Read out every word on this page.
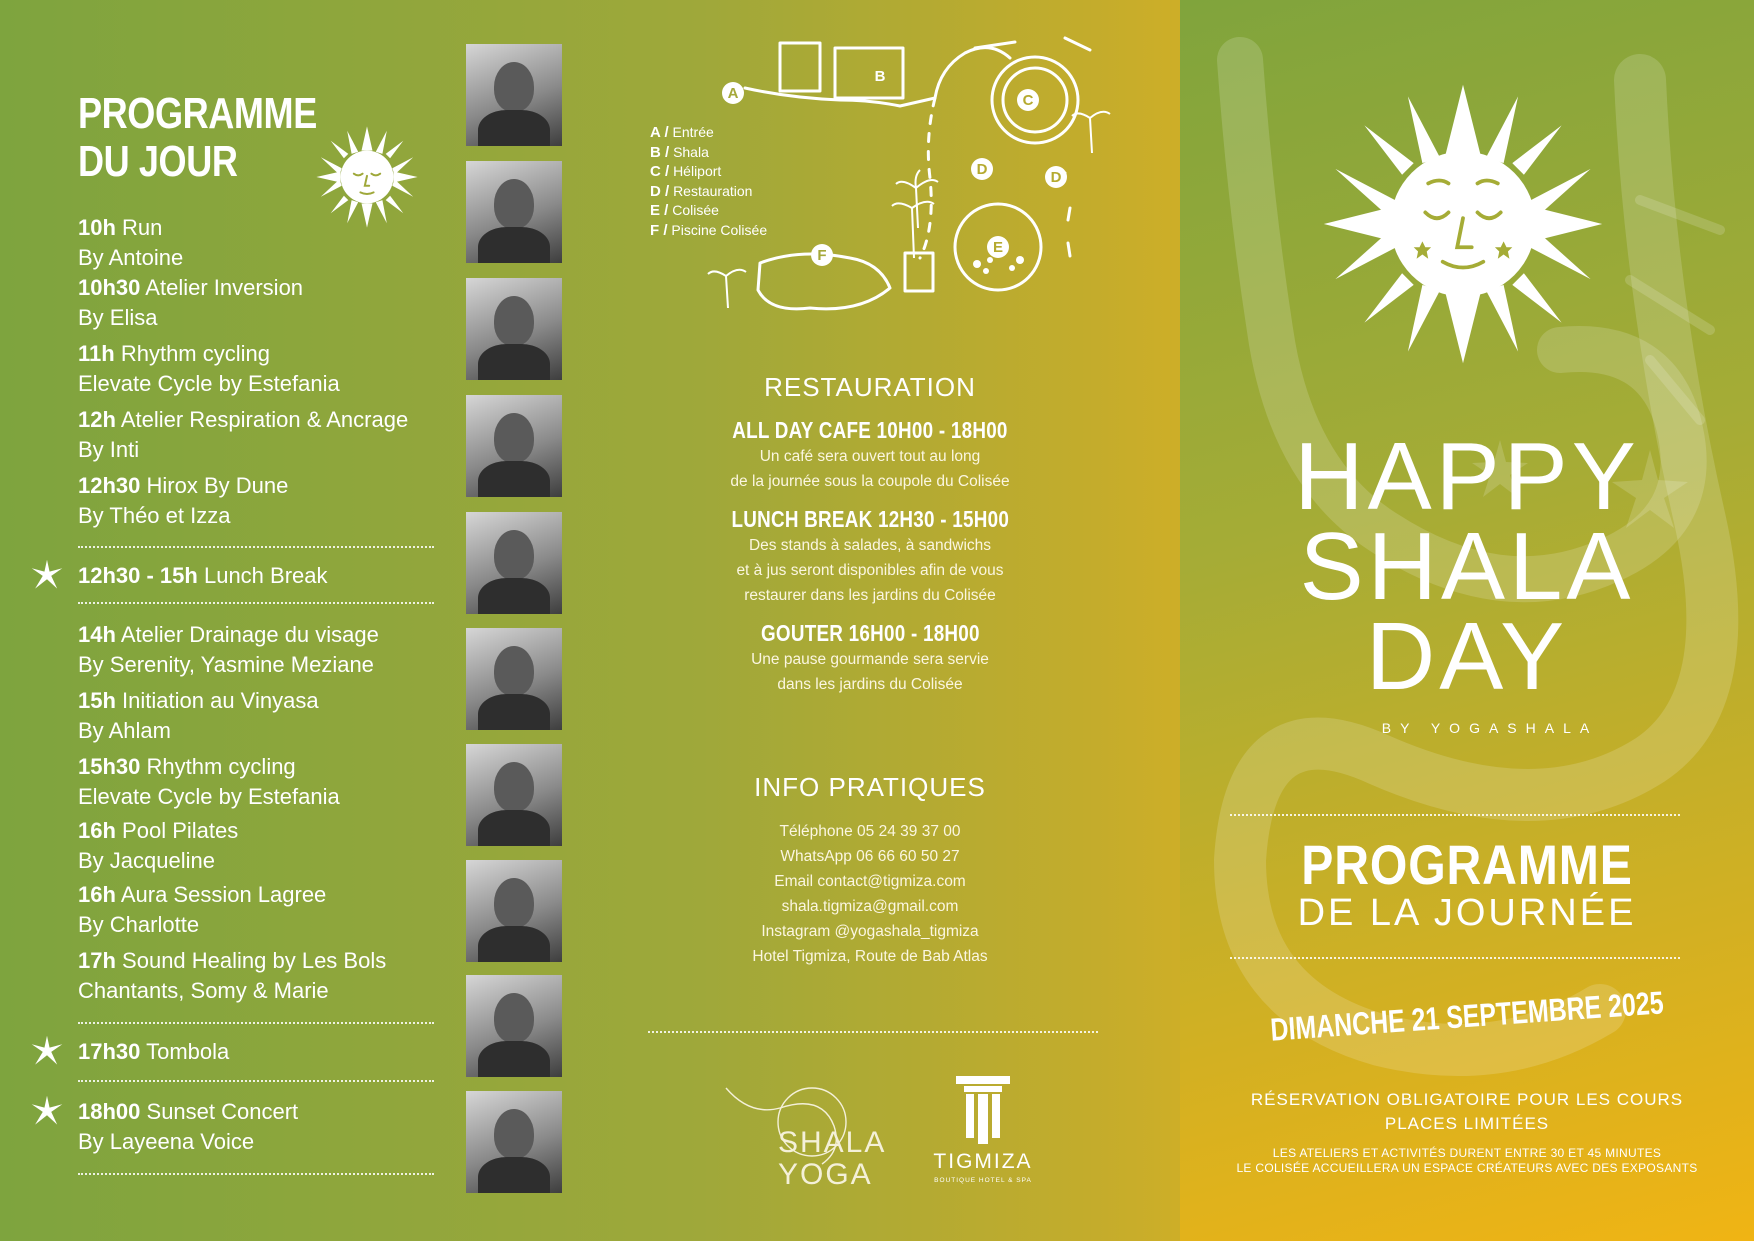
PROGRAMME
DU JOUR
10h Run
By Antoine
10h30 Atelier Inversion
By Elisa
11h Rhythm cycling
Elevate Cycle by Estefania
12h Atelier Respiration & Ancrage
By Inti
12h30 Hirox By Dune
By Théo et Izza
12h30 - 15h Lunch Break
14h Atelier Drainage du visage
By Serenity, Yasmine Meziane
15h Initiation au Vinyasa
By Ahlam
15h30 Rhythm cycling
Elevate Cycle by Estefania
16h Pool Pilates
By Jacqueline
16h Aura Session Lagree
By Charlotte
17h Sound Healing by Les Bols
Chantants, Somy & Marie
17h30 Tombola
18h00 Sunset Concert
By Layeena Voice
A
B
C
D	D
E
F
A / Entrée
B / Shala
C / Héliport
D / Restauration
E / Colisée
F / Piscine Colisée
RESTAURATION
ALL DAY CAFE 10H00 - 18H00
Un café sera ouvert tout au long
de la journée sous la coupole du Colisée
LUNCH BREAK 12H30 - 15H00
Des stands à salades, à sandwichs
et à jus seront disponibles afin de vous
restaurer dans les jardins du Colisée
GOUTER 16H00 - 18H00
Une pause gourmande sera servie
dans les jardins du Colisée
INFO PRATIQUES
Téléphone 05 24 39 37 00
WhatsApp 06 66 60 50 27
Email contact@tigmiza.com
shala.tigmiza@gmail.com
Instagram @yogashala_tigmiza
Hotel Tigmiza, Route de Bab Atlas
SHALA
YOGA	TIGMIZA
BOUTIQUE HOTEL & SPA
HAPPY
SHALA
DAY
BY YOGASHALA
PROGRAMME
DE LA JOURNÉE
DIMANCHE 21 SEPTEMBRE 2025
RÉSERVATION OBLIGATOIRE POUR LES COURS
PLACES LIMITÉES
LES ATELIERS ET ACTIVITÉS DURENT ENTRE 30 ET 45 MINUTES
LE COLISÉE ACCUEILLERA UN ESPACE CRÉATEURS AVEC DES EXPOSANTS
